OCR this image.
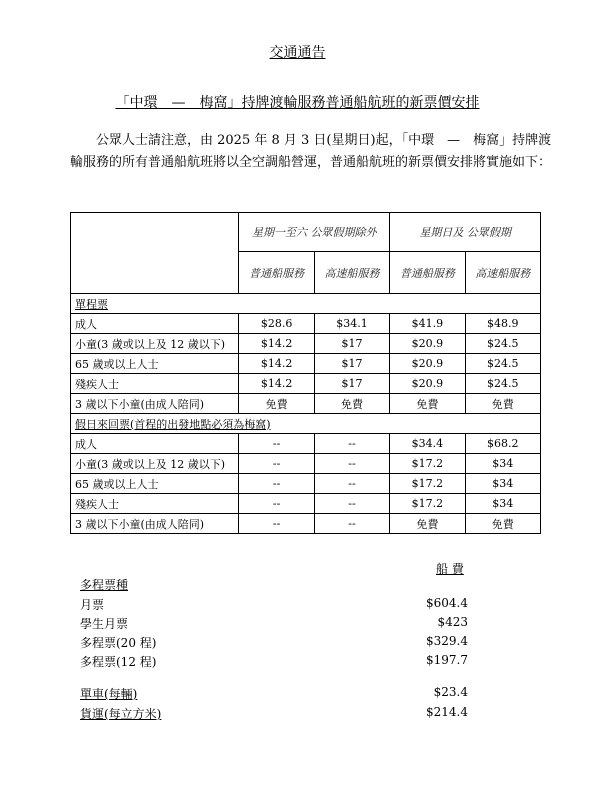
交通通告
「中環　—　梅窩」持牌渡輪服務普通船航班的新票價安排
公眾人士請注意，由 2025 年 8 月 3 日(星期日)起，「中環　—　梅窩」持牌渡輪服務的所有普通船航班將以全空調船營運，普通船航班的新票價安排將實施如下：
	星期一至六 公眾假期除外		星期日及 公眾假期	
	普通船服務	高速船服務	普通船服務	高速船服務
單程票				
成人	$28.6	$34.1	$41.9	$48.9
小童(3 歲或以上及 12 歲以下)	$14.2	$17	$20.9	$24.5
65 歲或以上人士	$14.2	$17	$20.9	$24.5
殘疾人士	$14.2	$17	$20.9	$24.5
3 歲以下小童(由成人陪同)	免費	免費	免費	免費
假日來回票(首程的出發地點必須為梅窩)				
成人	--	--	$34.4	$68.2
小童(3 歲或以上及 12 歲以下)	--	--	$17.2	$34
65 歲或以上人士	--	--	$17.2	$34
殘疾人士	--	--	$17.2	$34
3 歲以下小童(由成人陪同)	--	--	免費	免費
船 費
多程票種
月票	$604.4
學生月票	$423
多程票(20 程)	$329.4
多程票(12 程)	$197.7
單車(每輛)	$23.4
貨運(每立方米)	$214.4
